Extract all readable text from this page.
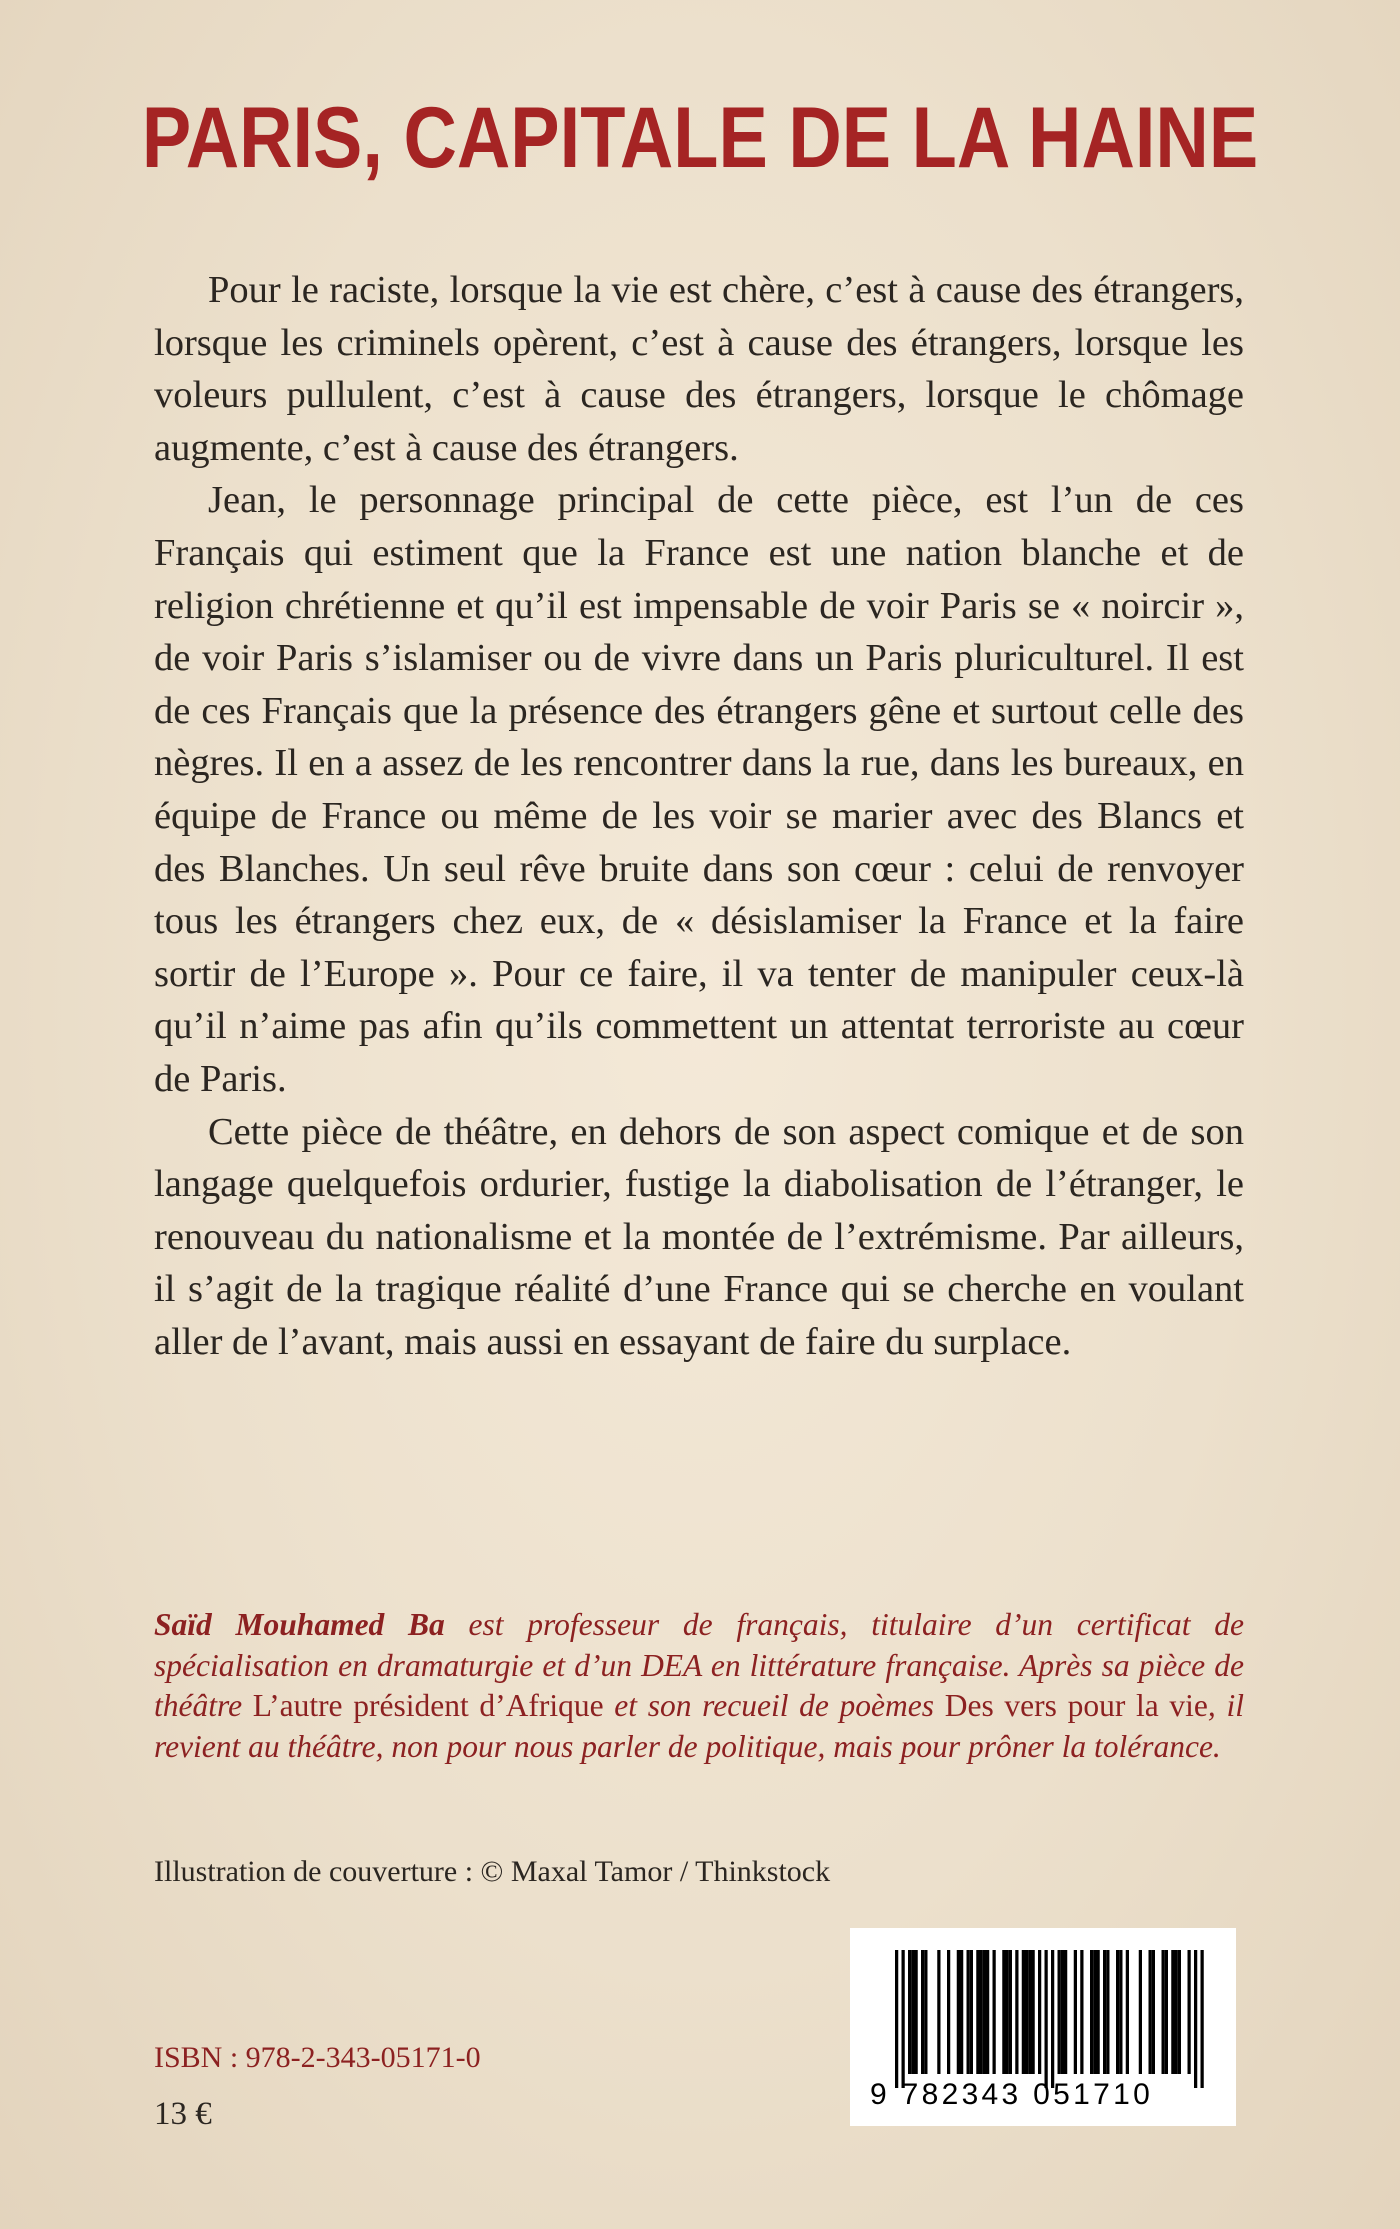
PARIS, CAPITALE DE LA HAINE

Pour le raciste, lorsque la vie est chère, c’est à cause des étrangers, lorsque les criminels opèrent, c’est à cause des étrangers, lorsque les voleurs pullulent, c’est à cause des étrangers, lorsque le chômage augmente, c’est à cause des étrangers.

Jean, le personnage principal de cette pièce, est l’un de ces Français qui estiment que la France est une nation blanche et de religion chrétienne et qu’il est impensable de voir Paris se « noircir », de voir Paris s’islamiser ou de vivre dans un Paris pluriculturel. Il est de ces Français que la présence des étrangers gêne et surtout celle des nègres. Il en a assez de les rencontrer dans la rue, dans les bureaux, en équipe de France ou même de les voir se marier avec des Blancs et des Blanches. Un seul rêve bruite dans son cœur : celui de renvoyer tous les étrangers chez eux, de « désislamiser la France et la faire sortir de l’Europe ». Pour ce faire, il va tenter de manipuler ceux-là qu’il n’aime pas afin qu’ils commettent un attentat terroriste au cœur de Paris.

Cette pièce de théâtre, en dehors de son aspect comique et de son langage quelquefois ordurier, fustige la diabolisation de l’étranger, le renouveau du nationalisme et la montée de l’extrémisme. Par ailleurs, il s’agit de la tragique réalité d’une France qui se cherche en voulant aller de l’avant, mais aussi en essayant de faire du surplace.

Saïd Mouhamed Ba est professeur de français, titulaire d’un certificat de spécialisation en dramaturgie et d’un DEA en littérature française. Après sa pièce de théâtre L’autre président d’Afrique et son recueil de poèmes Des vers pour la vie, il revient au théâtre, non pour nous parler de politique, mais pour prôner la tolérance.

Illustration de couverture : © Maxal Tamor / Thinkstock

ISBN : 978-2-343-05171-0

13 €

9 782343 051710
